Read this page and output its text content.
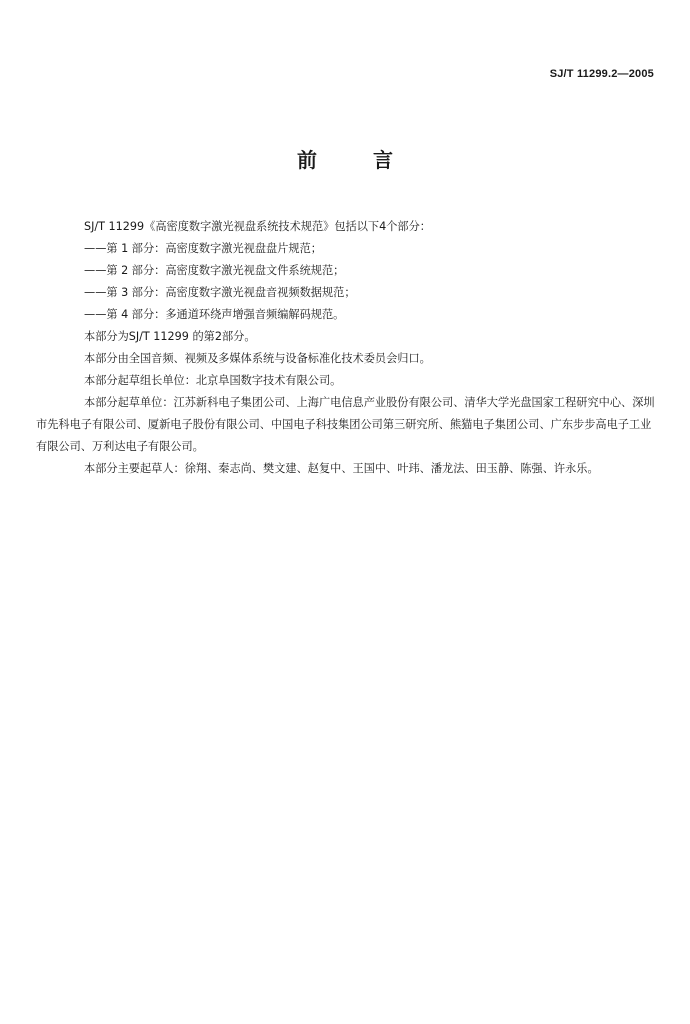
SJ/T 11299.2—2005
前	言
SJ/T 11299《高密度数字激光视盘系统技术规范》包括以下4个部分：
——第 1 部分：高密度数字激光视盘盘片规范；
——第 2 部分：高密度数字激光视盘文件系统规范；
——第 3 部分：高密度数字激光视盘音视频数据规范；
——第 4 部分：多通道环绕声增强音频编解码规范。
本部分为SJ/T 11299 的第2部分。
本部分由全国音频、视频及多媒体系统与设备标准化技术委员会归口。
本部分起草组长单位：北京阜国数字技术有限公司。
本部分起草单位：江苏新科电子集团公司、上海广电信息产业股份有限公司、清华大学光盘国家工程研究中心、深圳市先科电子有限公司、厦新电子股份有限公司、中国电子科技集团公司第三研究所、熊猫电子集团公司、广东步步高电子工业有限公司、万利达电子有限公司。
本部分主要起草人：徐翔、秦志尚、樊文建、赵复中、王国中、叶玮、潘龙法、田玉静、陈强、许永乐。
